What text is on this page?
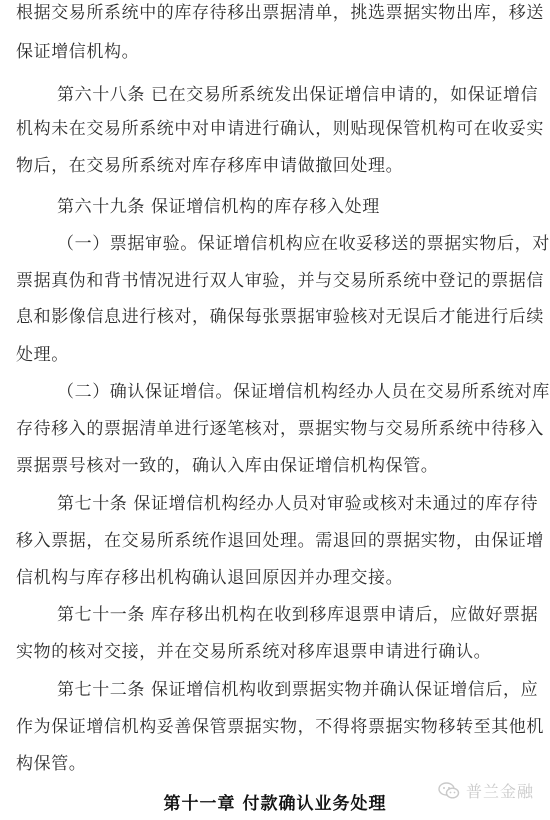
根据交易所系统中的库存待移出票据清单，挑选票据实物出库，移送
保证增信机构。
第六十八条 已在交易所系统发出保证增信申请的，如保证增信
机构未在交易所系统中对申请进行确认，则贴现保管机构可在收妥实
物后，在交易所系统对库存移库申请做撤回处理。
第六十九条 保证增信机构的库存移入处理
（一）票据审验。保证增信机构应在收妥移送的票据实物后，对
票据真伪和背书情况进行双人审验，并与交易所系统中登记的票据信
息和影像信息进行核对，确保每张票据审验核对无误后才能进行后续
处理。
（二）确认保证增信。保证增信机构经办人员在交易所系统对库
存待移入的票据清单进行逐笔核对，票据实物与交易所系统中待移入
票据票号核对一致的，确认入库由保证增信机构保管。
第七十条 保证增信机构经办人员对审验或核对未通过的库存待
移入票据，在交易所系统作退回处理。需退回的票据实物，由保证增
信机构与库存移出机构确认退回原因并办理交接。
第七十一条 库存移出机构在收到移库退票申请后，应做好票据
实物的核对交接，并在交易所系统对移库退票申请进行确认。
第七十二条 保证增信机构收到票据实物并确认保证增信后，应
作为保证增信机构妥善保管票据实物，不得将票据实物移转至其他机
构保管。
第十一章 付款确认业务处理
普兰金融
